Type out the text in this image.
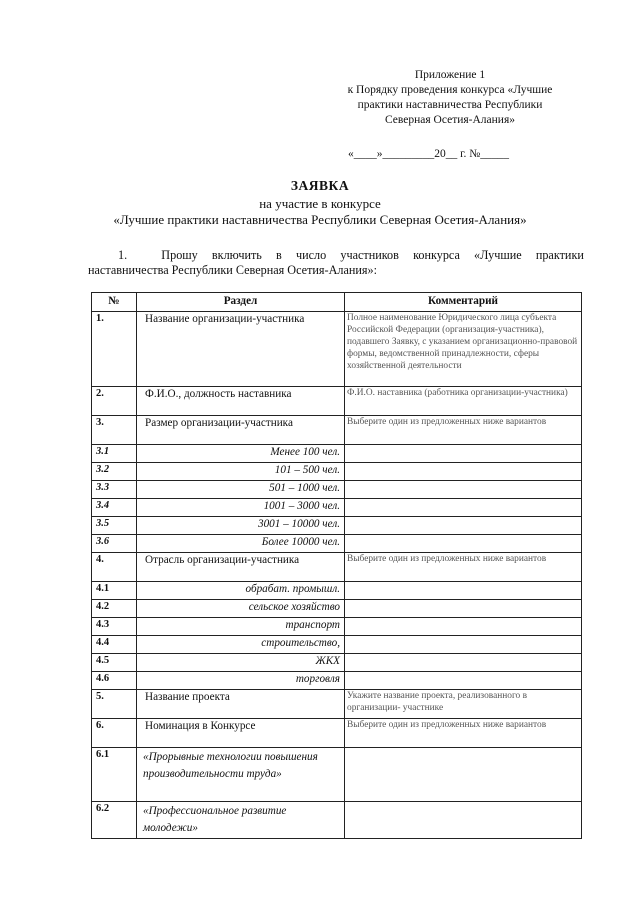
Приложение 1
к Порядку проведения конкурса «Лучшие
практики наставничества Республики
Северная Осетия-Алания»
«____»_________20__ г. №_____
ЗАЯВКА
на участие в конкурсе
«Лучшие практики наставничества Республики Северная Осетия-Алания»
1.	Прошу включить в число участников конкурса «Лучшие практики
наставничества Республики Северная Осетия-Алания»:
№	Раздел	Комментарий
1.	Название организации-участника	Полное наименование Юридического лица субъекта Российской Федерации (организация-участника), подавшего Заявку, с указанием организационно-правовой формы, ведомственной принадлежности, сферы хозяйственной деятельности
2.	Ф.И.О., должность наставника	Ф.И.О. наставника (работника организации-участника)
3.	Размер организации-участника	Выберите один из предложенных ниже вариантов
3.1	Менее 100 чел.	
3.2	101 – 500 чел.	
3.3	501 – 1000 чел.	
3.4	1001 – 3000 чел.	
3.5	3001 – 10000 чел.	
3.6	Более 10000 чел.	
4.	Отрасль организации-участника	Выберите один из предложенных ниже вариантов
4.1	обрабат. промышл.	
4.2	сельское хозяйство	
4.3	транспорт	
4.4	строительство,	
4.5	ЖКХ	
4.6	торговля	
5.	Название проекта	Укажите название проекта, реализованного в организации- участнике
6.	Номинация в Конкурсе	Выберите один из предложенных ниже вариантов
6.1	«Прорывные технологии повышения производительности труда»	
6.2	«Профессиональное развитие молодежи»	
